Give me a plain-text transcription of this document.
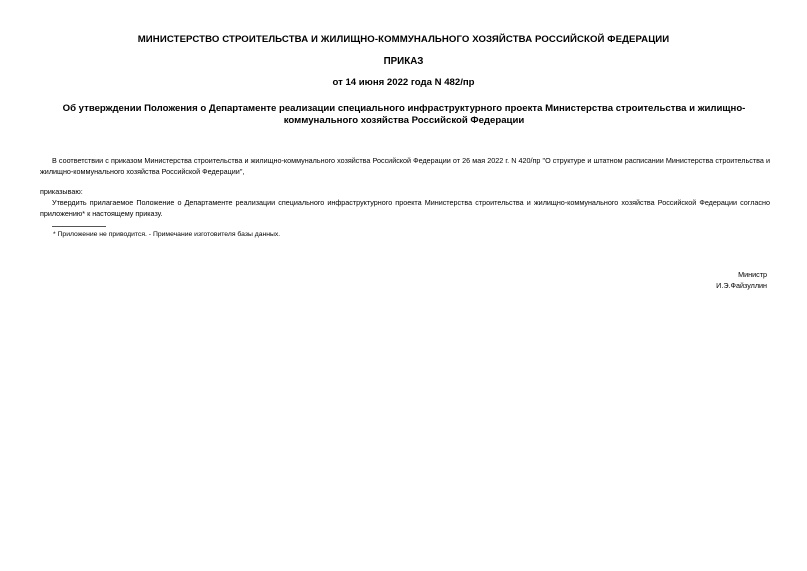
МИНИСТЕРСТВО СТРОИТЕЛЬСТВА И ЖИЛИЩНО-КОММУНАЛЬНОГО ХОЗЯЙСТВА РОССИЙСКОЙ ФЕДЕРАЦИИ
ПРИКАЗ
от 14 июня 2022 года N 482/пр
Об утверждении Положения о Департаменте реализации специального инфраструктурного проекта Министерства строительства и жилищно-коммунального хозяйства Российской Федерации
В соответствии с приказом Министерства строительства и жилищно-коммунального хозяйства Российской Федерации от 26 мая 2022 г. N 420/пр "О структуре и штатном расписании Министерства строительства и жилищно-коммунального хозяйства Российской Федерации",
приказываю:
Утвердить прилагаемое Положение о Департаменте реализации специального инфраструктурного проекта Министерства строительства и жилищно-коммунального хозяйства Российской Федерации согласно приложению* к настоящему приказу.
* Приложение не приводится. - Примечание изготовителя базы данных.
Министр
И.Э.Файзуллин
